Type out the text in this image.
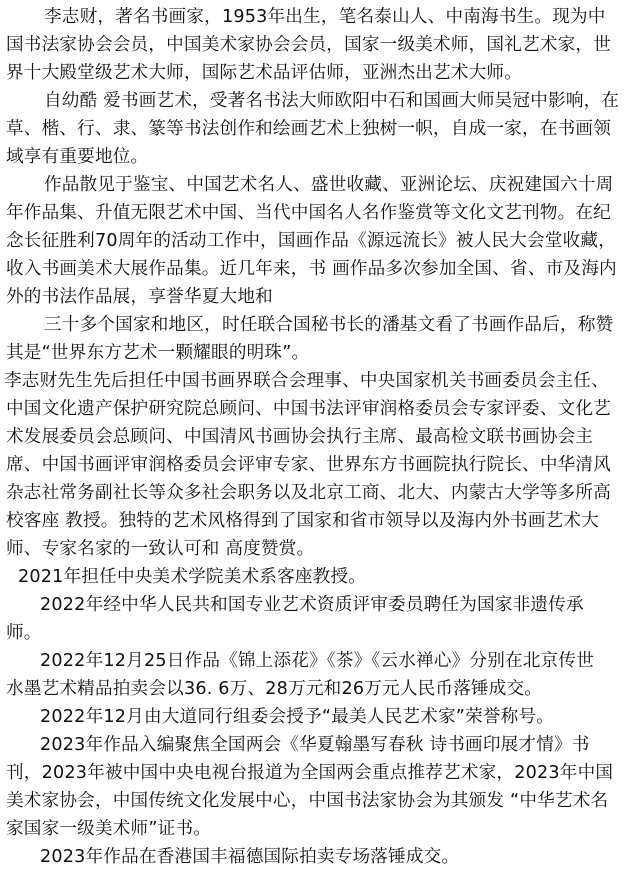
李志财，著名书画家，1953年出生，笔名泰山人、中南海书生。现为中
国书法家协会会员，中国美术家协会会员，国家一级美术师，国礼艺术家，世
界十大殿堂级艺术大师，国际艺术品评估师，亚洲杰出艺术大师。
自幼酷 爱书画艺术，受著名书法大师欧阳中石和国画大师吴冠中影响，在
草、楷、行、隶、篆等书法创作和绘画艺术上独树一帜，自成一家，在书画领
域享有重要地位。
作品散见于鉴宝、中国艺术名人、盛世收藏、亚洲论坛、庆祝建国六十周
年作品集、升值无限艺术中国、当代中国名人名作鉴赏等文化文艺刊物。在纪
念长征胜利70周年的活动工作中，国画作品《源远流长》被人民大会堂收藏，
收入书画美术大展作品集。近几年来，书 画作品多次参加全国、省、市及海内
外的书法作品展，享誉华夏大地和
三十多个国家和地区，时任联合国秘书长的潘基文看了书画作品后，称赞
其是“世界东方艺术一颗耀眼的明珠”。
李志财先生先后担任中国书画界联合会理事、中央国家机关书画委员会主任、
中国文化遗产保护研究院总顾问、中国书法评审润格委员会专家评委、文化艺
术发展委员会总顾问、中国清风书画协会执行主席、最高检文联书画协会主
席、中国书画评审润格委员会评审专家、世界东方书画院执行院长、中华清风
杂志社常务副社长等众多社会职务以及北京工商、北大、内蒙古大学等多所高
校客座 教授。独特的艺术风格得到了国家和省市领导以及海内外书画艺术大
师、专家名家的一致认可和 高度赞赏。
2021年担任中央美术学院美术系客座教授。
2022年经中华人民共和国专业艺术资质评审委员聘任为国家非遗传承
师。
2022年12月25日作品《锦上添花》《茶》《云水禅心》分别在北京传世
水墨艺术精品拍卖会以36. 6万、28万元和26万元人民币落锤成交。
2022年12月由大道同行组委会授予“最美人民艺术家”荣誉称号。
2023年作品入编聚焦全国两会《华夏翰墨写春秋 诗书画印展才情》书
刊，2023年被中国中央电视台报道为全国两会重点推荐艺术家，2023年中国
美术家协会，中国传统文化发展中心，中国书法家协会为其颁发 “中华艺术名
家国家一级美术师”证书。
2023年作品在香港国丰福德国际拍卖专场落锤成交。
